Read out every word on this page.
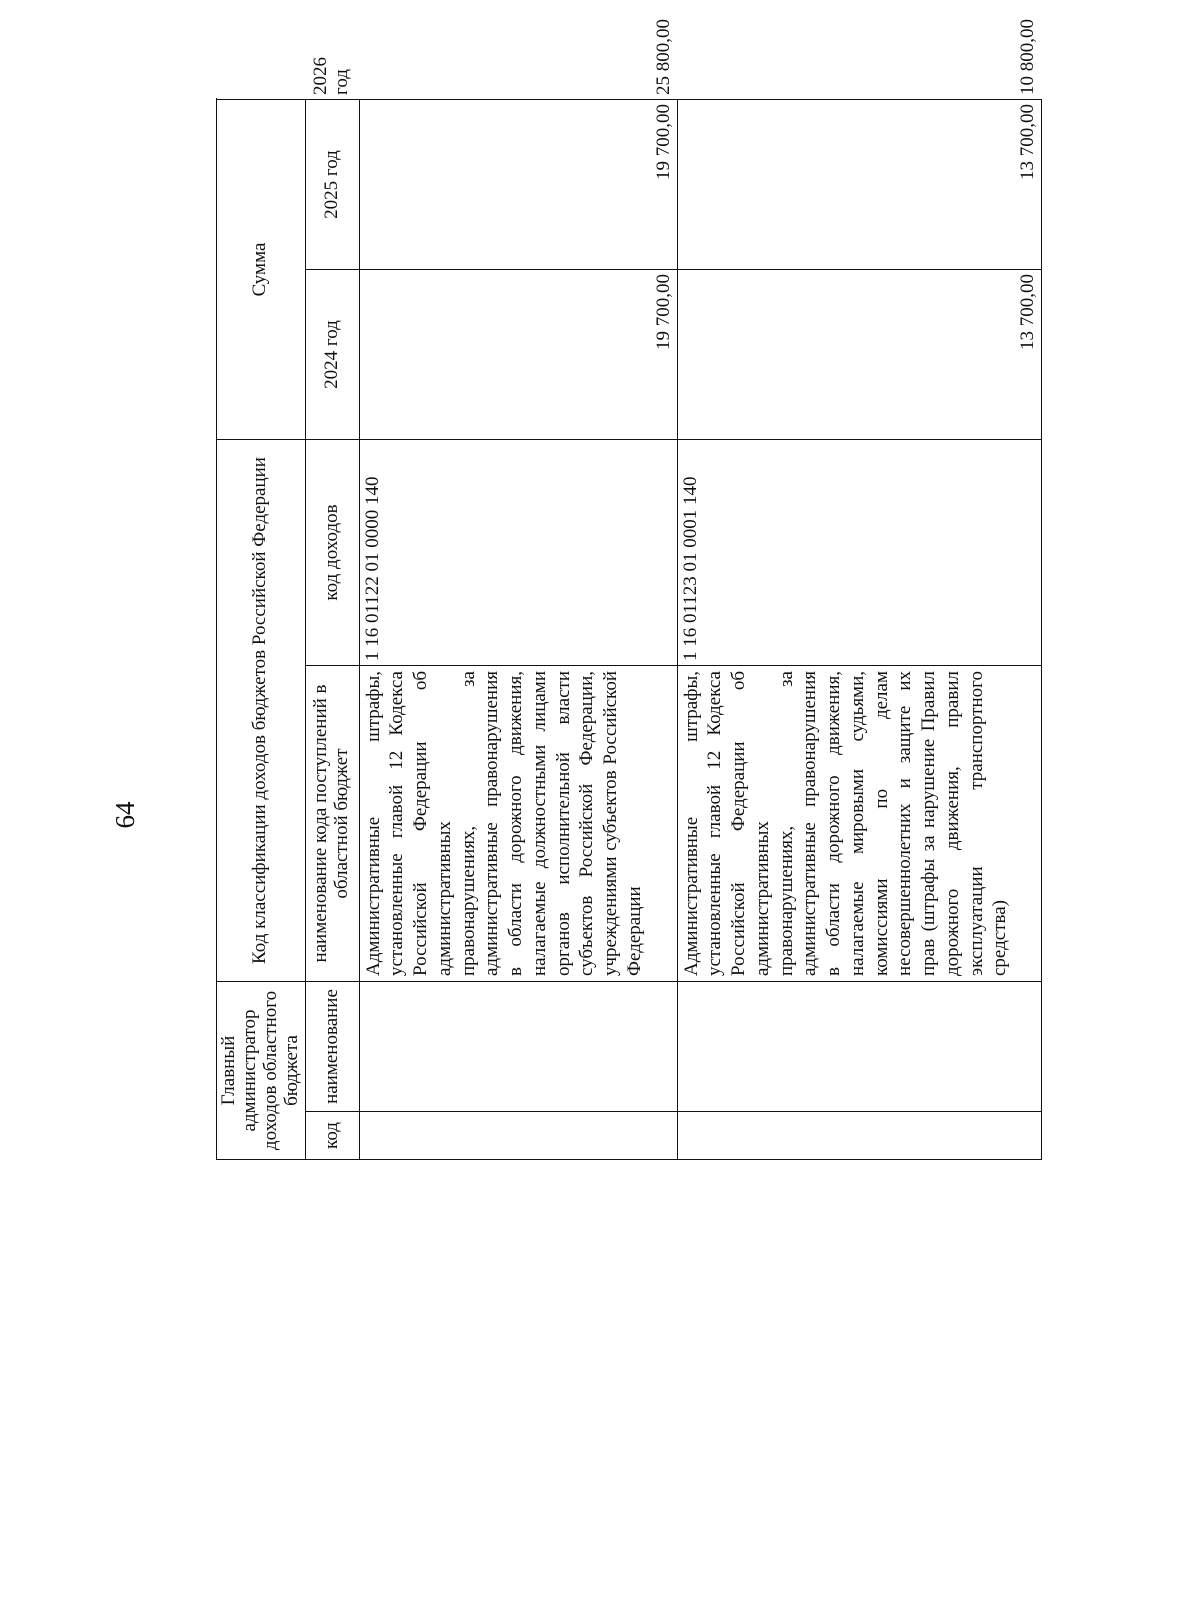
64
Главный администратор доходов областного бюджета		Код классификации доходов бюджетов Российской Федерации		Сумма		
код	наименование	наименование кода поступлений в областной бюджет	код доходов	2024 год	2025 год	2026 год
		Административные штрафы, установленные главой 12 Кодекса Российской Федерации об административных правонарушениях, за административные правонарушения в области дорожного движения, налагаемые должностными лицами органов исполнительной власти субъектов Российской Федерации, учреждениями субъектов Российской Федерации	1 16 01122 01 0000 140	19 700,00	19 700,00	25 800,00
		Административные штрафы, установленные главой 12 Кодекса Российской Федерации об административных правонарушениях, за административные правонарушения в области дорожного движения, налагаемые мировыми судьями, комиссиями по делам несовершеннолетних и защите их прав (штрафы за нарушение Правил дорожного движения, правил эксплуатации транспортного средства)	1 16 01123 01 0001 140	13 700,00	13 700,00	10 800,00
